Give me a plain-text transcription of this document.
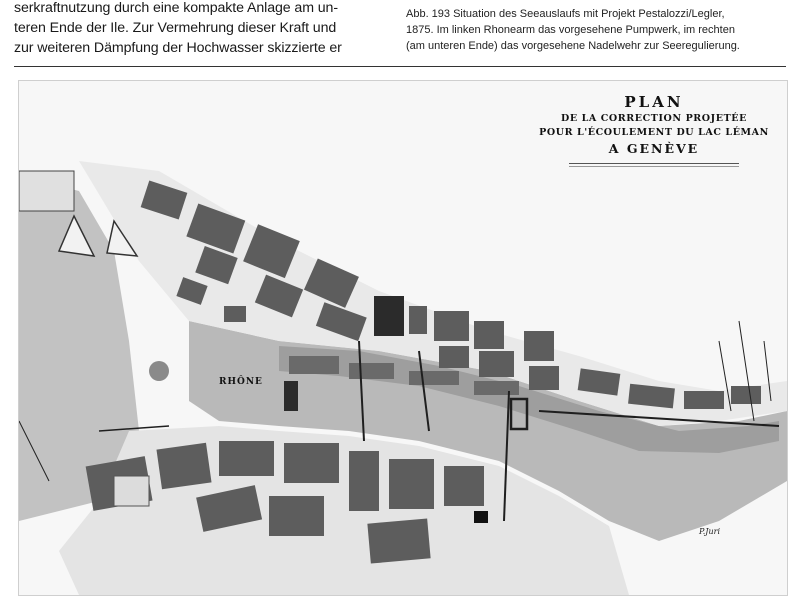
serkraftnutzung durch eine kompakte Anlage am un-
teren Ende der Ile. Zur Vermehrung dieser Kraft und
zur weiteren Dämpfung der Hochwasser skizzierte er
Abb. 193 Situation des Seeauslaufs mit Projekt Pestalozzi/Legler,
1875. Im linken Rhonearm das vorgesehene Pumpwerk, im rechten
(am unteren Ende) das vorgesehene Nadelwehr zur Seeregulierung.
PLAN
DE LA CORRECTION PROJETÉE
POUR L'ÉCOULEMENT DU LAC LÉMAN
A GENÈVE
RHÔNE
P.Juri
